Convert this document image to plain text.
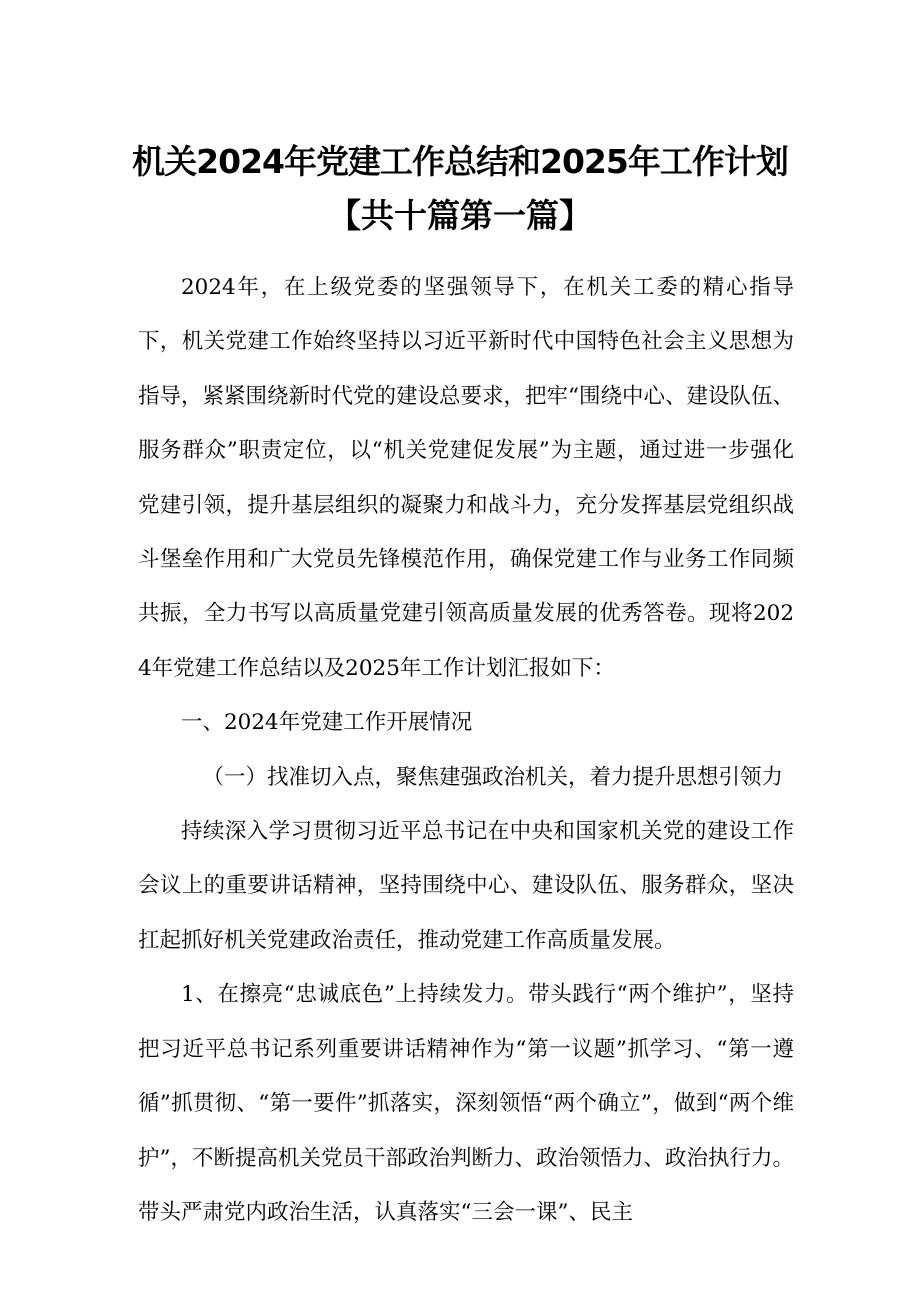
机关2024年党建工作总结和2025年工作计划
【共十篇第一篇】

2024年，在上级党委的坚强领导下，在机关工委的精心指导下，机关党建工作始终坚持以习近平新时代中国特色社会主义思想为指导，紧紧围绕新时代党的建设总要求，把牢“围绕中心、建设队伍、服务群众”职责定位，以“机关党建促发展”为主题，通过进一步强化党建引领，提升基层组织的凝聚力和战斗力，充分发挥基层党组织战斗堡垒作用和广大党员先锋模范作用，确保党建工作与业务工作同频共振，全力书写以高质量党建引领高质量发展的优秀答卷。现将2024年党建工作总结以及2025年工作计划汇报如下：

一、2024年党建工作开展情况

（一）找准切入点，聚焦建强政治机关，着力提升思想引领力

持续深入学习贯彻习近平总书记在中央和国家机关党的建设工作会议上的重要讲话精神，坚持围绕中心、建设队伍、服务群众，坚决扛起抓好机关党建政治责任，推动党建工作高质量发展。

1、在擦亮“忠诚底色”上持续发力。带头践行“两个维护”，坚持把习近平总书记系列重要讲话精神作为“第一议题”抓学习、“第一遵循”抓贯彻、“第一要件”抓落实，深刻领悟“两个确立”，做到“两个维护”，不断提高机关党员干部政治判断力、政治领悟力、政治执行力。带头严肃党内政治生活，认真落实“三会一课”、民主
